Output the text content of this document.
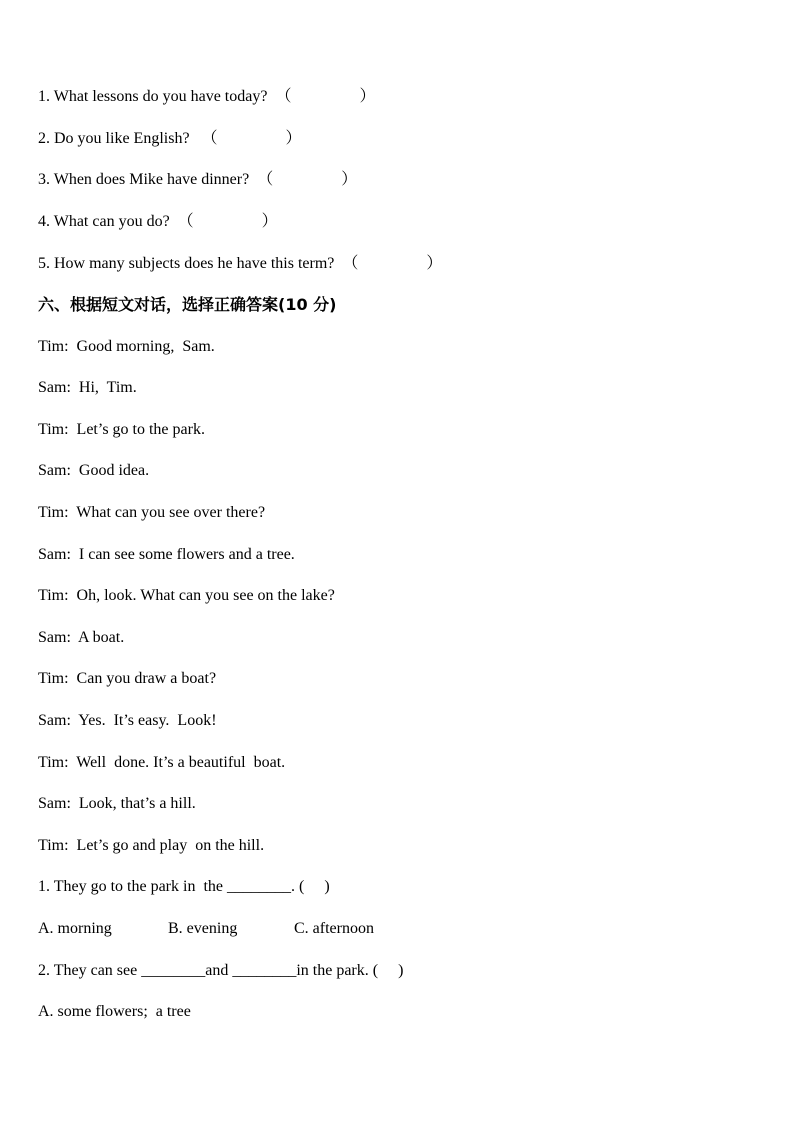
1. What lessons do you have today?  （                 ）
2. Do you like English?   （                 ）
3. When does Mike have dinner?  （                 ）
4. What can you do?  （                 ）
5. How many subjects does he have this term?  （                 ）
六、根据短文对话，选择正确答案(10 分)
Tim:  Good morning,  Sam.
Sam:  Hi,  Tim.
Tim:  Let’s go to the park.
Sam:  Good idea.
Tim:  What can you see over there?
Sam:  I can see some flowers and a tree.
Tim:  Oh, look. What can you see on the lake?
Sam:  A boat.
Tim:  Can you draw a boat?
Sam:  Yes.  It’s easy.  Look!
Tim:  Well  done. It’s a beautiful  boat.
Sam:  Look, that’s a hill.
Tim:  Let’s go and play  on the hill.
1. They go to the park in  the ________. (     )
A. morning	B. evening	C. afternoon
2. They can see ________and ________in the park. (     )
A. some flowers;  a tree
